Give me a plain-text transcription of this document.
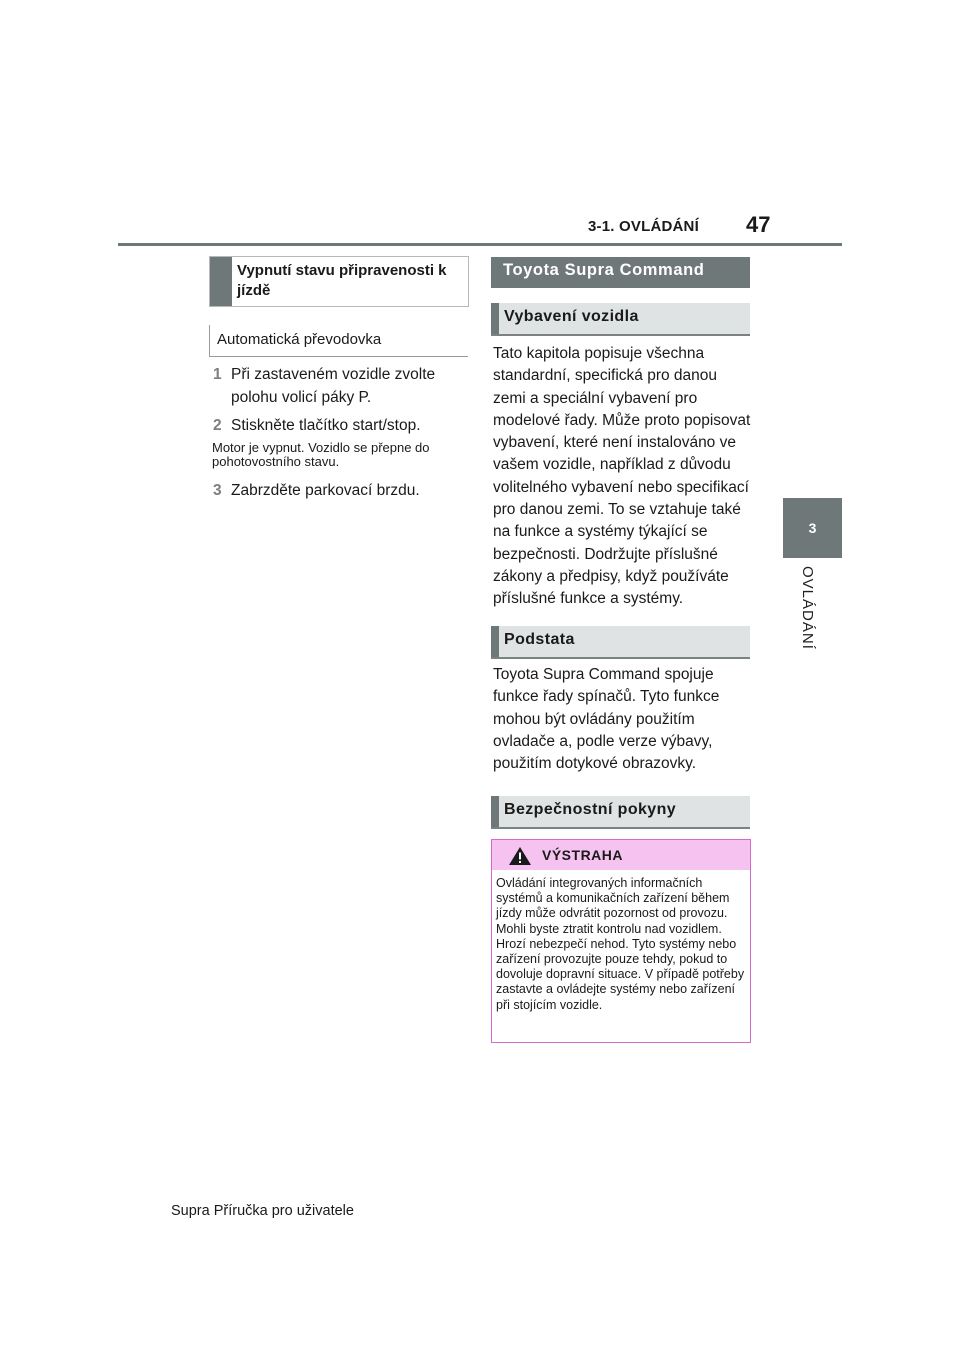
3-1. OVLÁDÁNÍ 47
3
OVLÁDÁNÍ
Vypnutí stavu připravenosti k jízdě
Automatická převodovka
1 Při zastaveném vozidle zvolte polohu volicí páky P.
2 Stiskněte tlačítko start/stop.
Motor je vypnut. Vozidlo se přepne do pohotovostního stavu.
3 Zabrzděte parkovací brzdu.
Toyota Supra Command
Vybavení vozidla
Tato kapitola popisuje všechna standardní, specifická pro danou zemi a speciální vybavení pro modelové řady. Může proto popisovat vybavení, které není instalováno ve vašem vozidle, například z důvodu volitelného vybavení nebo specifikací pro danou zemi. To se vztahuje také na funkce a systémy týkající se bezpečnosti. Dodržujte příslušné zákony a předpisy, když používáte příslušné funkce a systémy.
Podstata
Toyota Supra Command spojuje funkce řady spínačů. Tyto funkce mohou být ovládány použitím ovladače a, podle verze výbavy, použitím dotykové obrazovky.
Bezpečnostní pokyny
VÝSTRAHA
Ovládání integrovaných informačních systémů a komunikačních zařízení během jízdy může odvrátit pozornost od provozu. Mohli byste ztratit kontrolu nad vozidlem. Hrozí nebezpečí nehod. Tyto systémy nebo zařízení provozujte pouze tehdy, pokud to dovoluje dopravní situace. V případě potřeby zastavte a ovládejte systémy nebo zařízení při stojícím vozidle.
Supra Příručka pro uživatele
